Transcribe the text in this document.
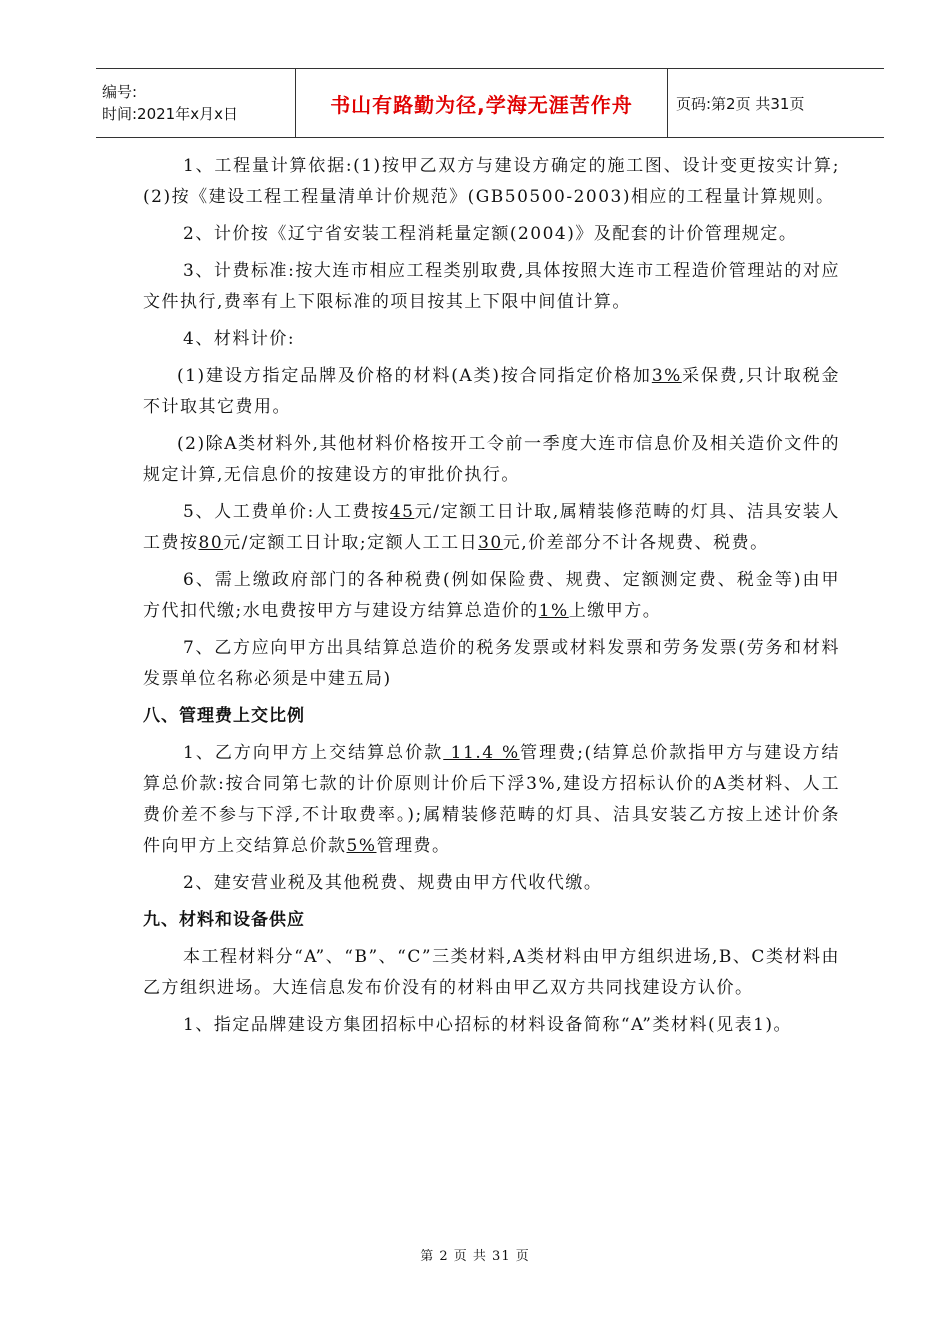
编号:
时间:2021年x月x日	书山有路勤为径,学海无涯苦作舟	页码:第2页 共31页
1、工程量计算依据:(1)按甲乙双方与建设方确定的施工图、设计变更按实计算;(2)按《建设工程工程量清单计价规范》(GB50500-2003)相应的工程量计算规则。
2、计价按《辽宁省安装工程消耗量定额(2004)》及配套的计价管理规定。
3、计费标准:按大连市相应工程类别取费,具体按照大连市工程造价管理站的对应文件执行,费率有上下限标准的项目按其上下限中间值计算。
4、材料计价:
(1)建设方指定品牌及价格的材料(A类)按合同指定价格加3%采保费,只计取税金不计取其它费用。
(2)除A类材料外,其他材料价格按开工令前一季度大连市信息价及相关造价文件的规定计算,无信息价的按建设方的审批价执行。
5、人工费单价:人工费按45元/定额工日计取,属精装修范畴的灯具、洁具安装人工费按80元/定额工日计取;定额人工工日30元,价差部分不计各规费、税费。
6、需上缴政府部门的各种税费(例如保险费、规费、定额测定费、税金等)由甲方代扣代缴;水电费按甲方与建设方结算总造价的1%上缴甲方。
7、乙方应向甲方出具结算总造价的税务发票或材料发票和劳务发票(劳务和材料发票单位名称必须是中建五局)
八、管理费上交比例
1、乙方向甲方上交结算总价款 11.4 %管理费;(结算总价款指甲方与建设方结算总价款:按合同第七款的计价原则计价后下浮3%,建设方招标认价的A类材料、人工费价差不参与下浮,不计取费率。);属精装修范畴的灯具、洁具安装乙方按上述计价条件向甲方上交结算总价款5%管理费。
2、建安营业税及其他税费、规费由甲方代收代缴。
九、材料和设备供应
本工程材料分“A”、“B”、“C”三类材料,A类材料由甲方组织进场,B、C类材料由乙方组织进场。大连信息发布价没有的材料由甲乙双方共同找建设方认价。
1、指定品牌建设方集团招标中心招标的材料设备简称“A”类材料(见表1)。
第 2 页 共 31 页
